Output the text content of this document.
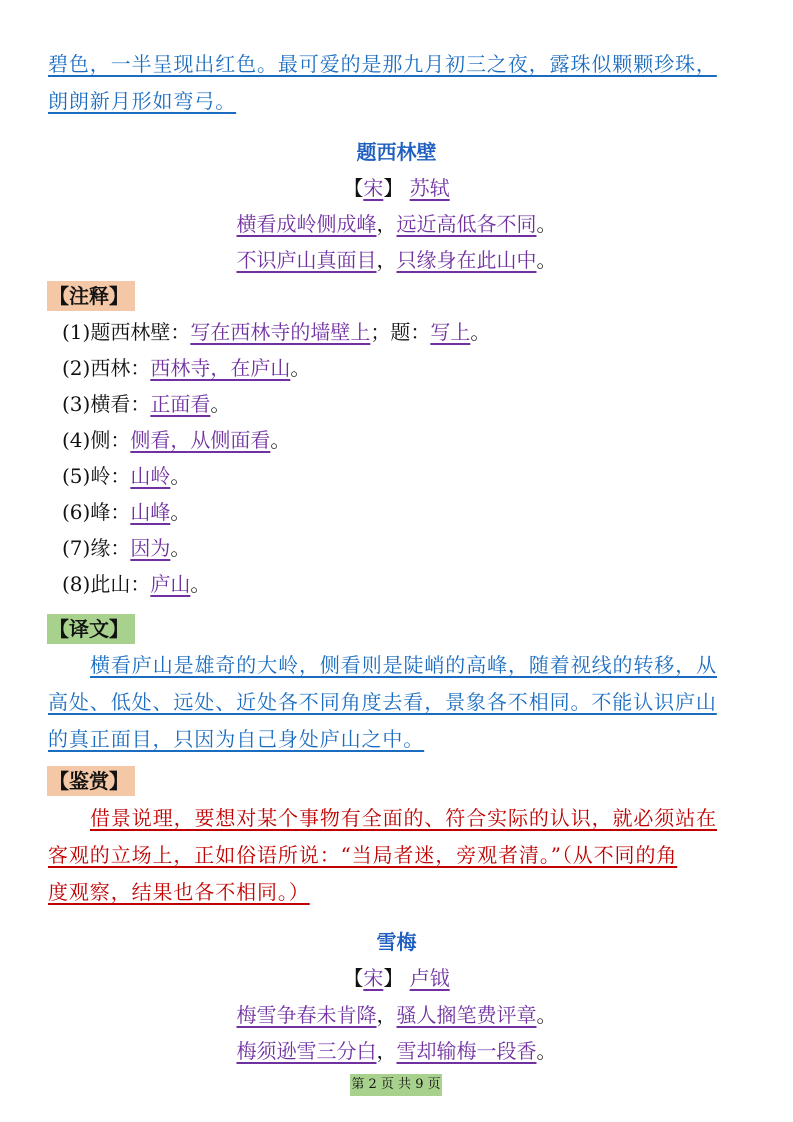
碧色，一半呈现出红色。最可爱的是那九月初三之夜，露珠似颗颗珍珠，
朗朗新月形如弯弓。
题西林壁
【宋】 苏轼
横看成岭侧成峰，远近高低各不同。
不识庐山真面目，只缘身在此山中。
【注释】
(1)题西林壁：写在西林寺的墙壁上；题：写上。
(2)西林：西林寺，在庐山。
(3)横看：正面看。
(4)侧：侧看，从侧面看。
(5)岭：山岭。
(6)峰：山峰。
(7)缘：因为。
(8)此山：庐山。
【译文】
横看庐山是雄奇的大岭，侧看则是陡峭的高峰，随着视线的转移，从
高处、低处、远处、近处各不同角度去看，景象各不相同。不能认识庐山
的真正面目，只因为自己身处庐山之中。
【鉴赏】
借景说理，要想对某个事物有全面的、符合实际的认识，就必须站在
客观的立场上，正如俗语所说：“当局者迷，旁观者清。”（从不同的角
度观察，结果也各不相同。）
雪梅
【宋】 卢钺
梅雪争春未肯降，骚人搁笔费评章。
梅须逊雪三分白，雪却输梅一段香。
第 2 页 共 9 页
